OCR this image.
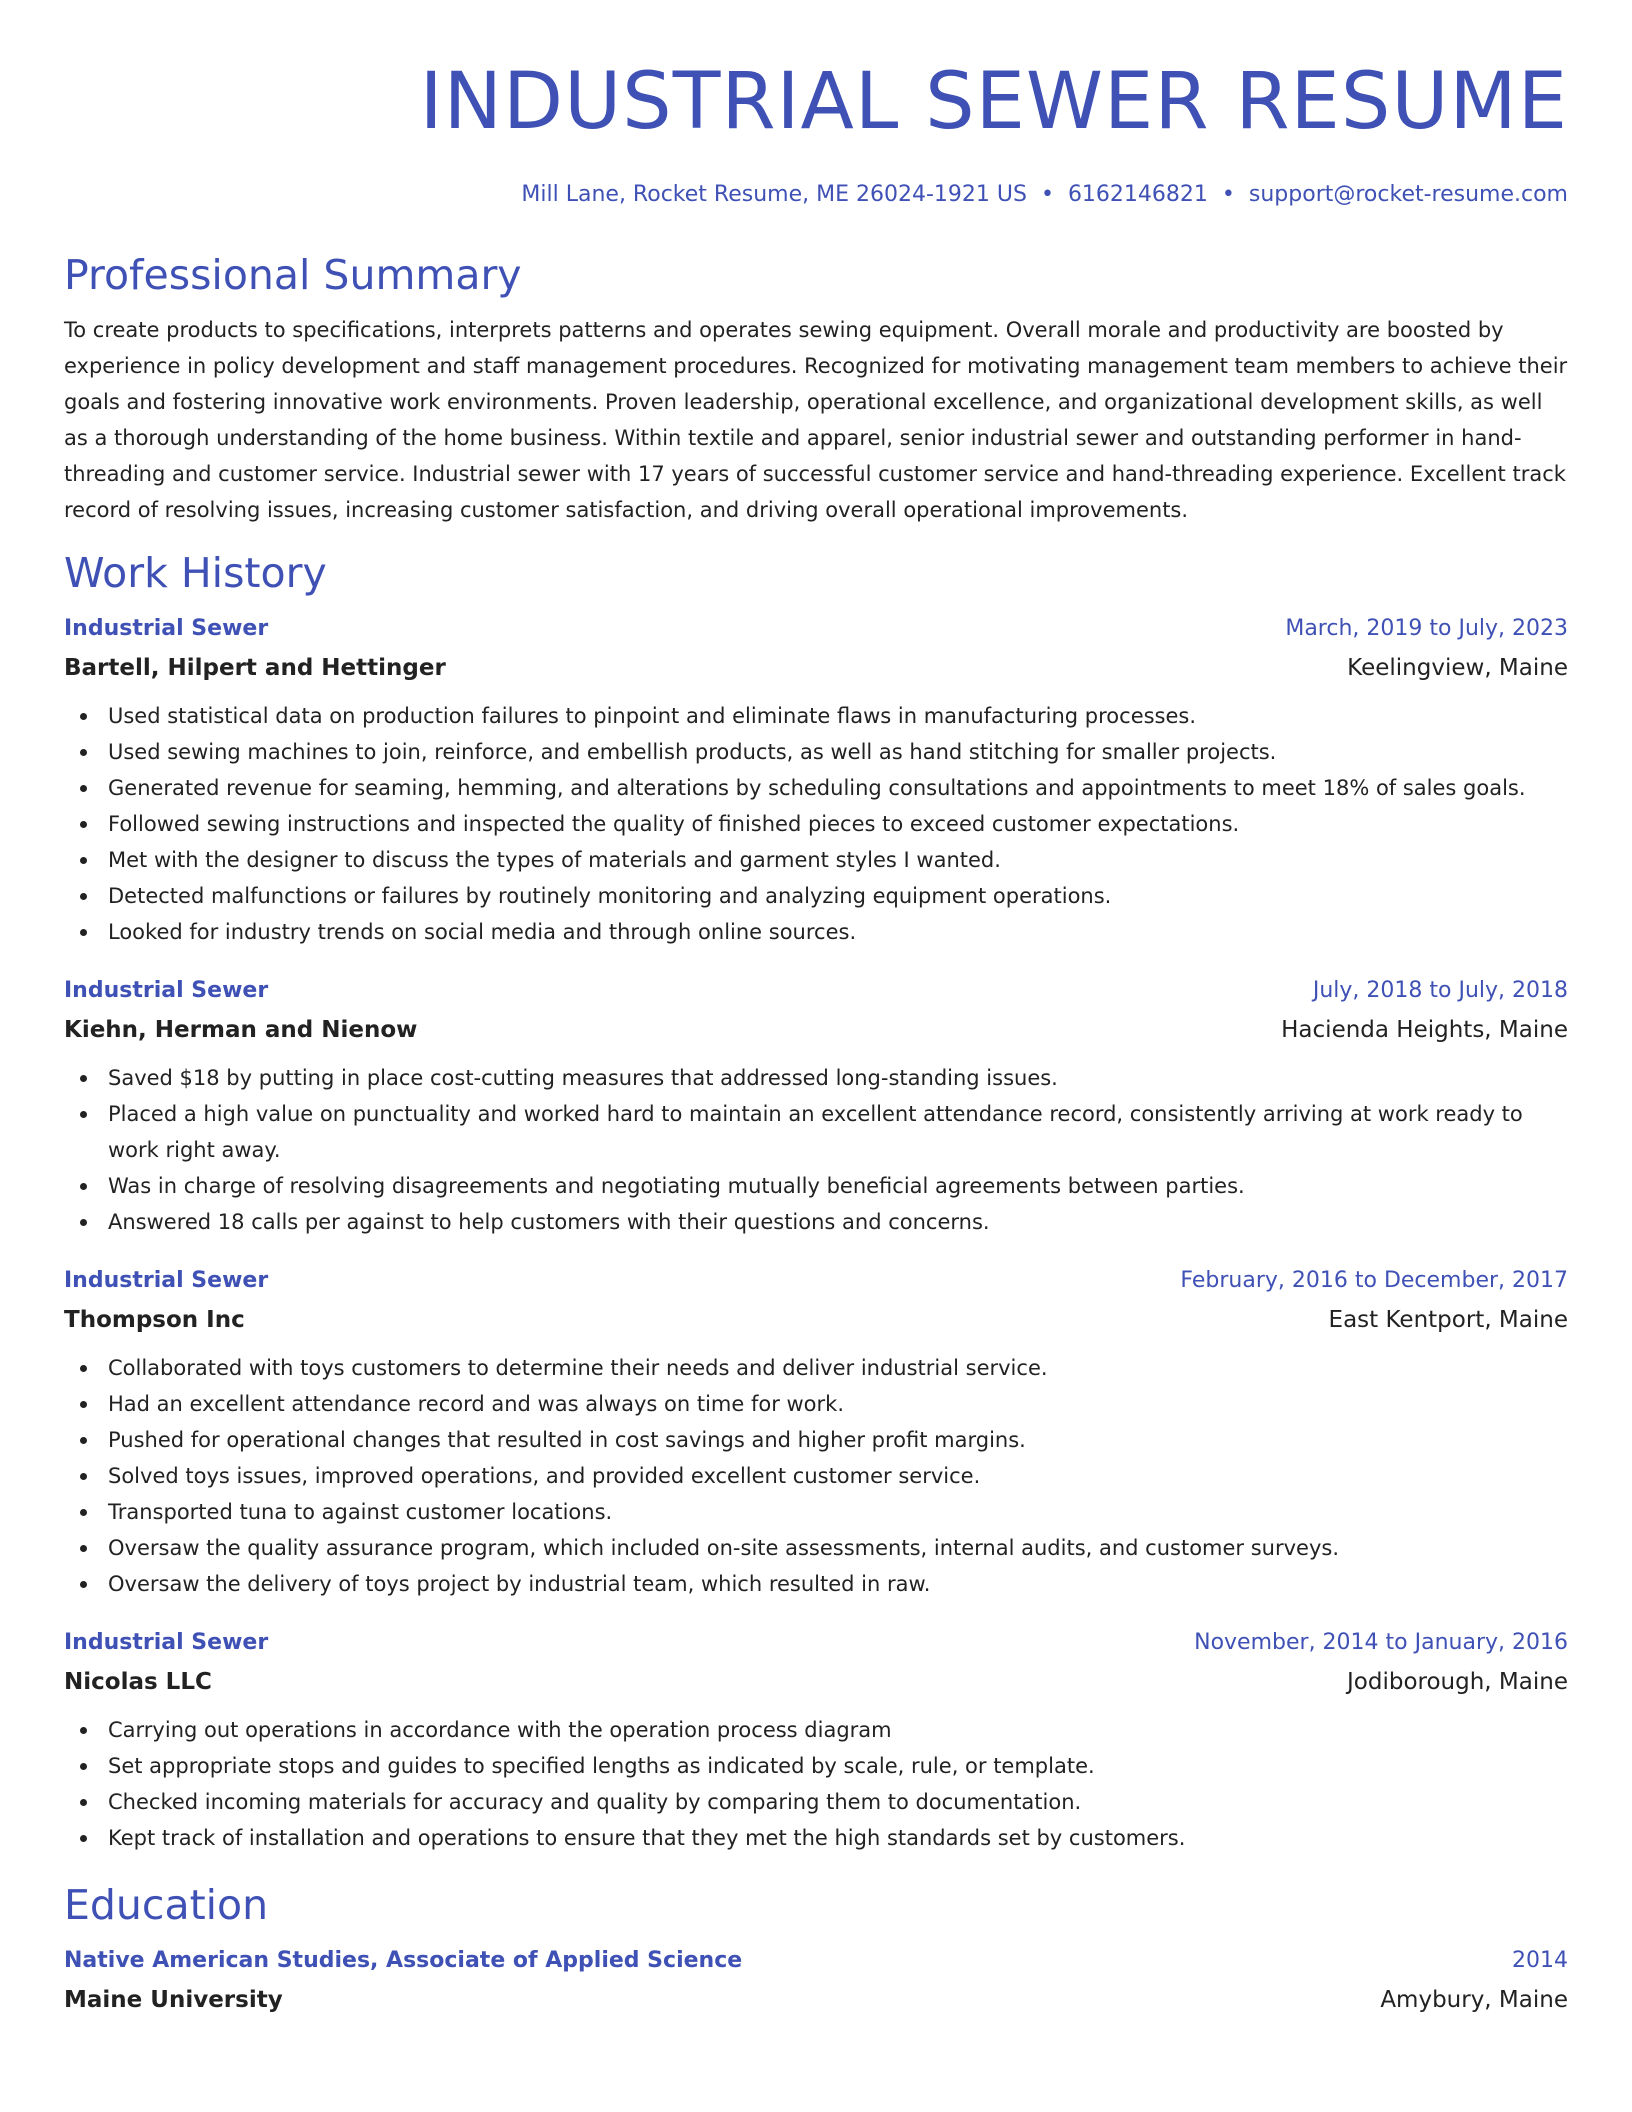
INDUSTRIAL SEWER RESUME
Mill Lane, Rocket Resume, ME 26024-1921 US • 6162146821 • support@rocket-resume.com
Professional Summary
To create products to specifications, interprets patterns and operates sewing equipment. Overall morale and productivity are boosted by experience in policy development and staff management procedures. Recognized for motivating management team members to achieve their goals and fostering innovative work environments. Proven leadership, operational excellence, and organizational development skills, as well as a thorough understanding of the home business. Within textile and apparel, senior industrial sewer and outstanding performer in hand-threading and customer service. Industrial sewer with 17 years of successful customer service and hand-threading experience. Excellent track record of resolving issues, increasing customer satisfaction, and driving overall operational improvements.
Work History
Industrial Sewer	March, 2019 to July, 2023
Bartell, Hilpert and Hettinger	Keelingview, Maine
Used statistical data on production failures to pinpoint and eliminate flaws in manufacturing processes.
Used sewing machines to join, reinforce, and embellish products, as well as hand stitching for smaller projects.
Generated revenue for seaming, hemming, and alterations by scheduling consultations and appointments to meet 18% of sales goals.
Followed sewing instructions and inspected the quality of finished pieces to exceed customer expectations.
Met with the designer to discuss the types of materials and garment styles I wanted.
Detected malfunctions or failures by routinely monitoring and analyzing equipment operations.
Looked for industry trends on social media and through online sources.
Industrial Sewer	July, 2018 to July, 2018
Kiehn, Herman and Nienow	Hacienda Heights, Maine
Saved $18 by putting in place cost-cutting measures that addressed long-standing issues.
Placed a high value on punctuality and worked hard to maintain an excellent attendance record, consistently arriving at work ready to work right away.
Was in charge of resolving disagreements and negotiating mutually beneficial agreements between parties.
Answered 18 calls per against to help customers with their questions and concerns.
Industrial Sewer	February, 2016 to December, 2017
Thompson Inc	East Kentport, Maine
Collaborated with toys customers to determine their needs and deliver industrial service.
Had an excellent attendance record and was always on time for work.
Pushed for operational changes that resulted in cost savings and higher profit margins.
Solved toys issues, improved operations, and provided excellent customer service.
Transported tuna to against customer locations.
Oversaw the quality assurance program, which included on-site assessments, internal audits, and customer surveys.
Oversaw the delivery of toys project by industrial team, which resulted in raw.
Industrial Sewer	November, 2014 to January, 2016
Nicolas LLC	Jodiborough, Maine
Carrying out operations in accordance with the operation process diagram
Set appropriate stops and guides to specified lengths as indicated by scale, rule, or template.
Checked incoming materials for accuracy and quality by comparing them to documentation.
Kept track of installation and operations to ensure that they met the high standards set by customers.
Education
Native American Studies, Associate of Applied Science	2014
Maine University	Amybury, Maine
